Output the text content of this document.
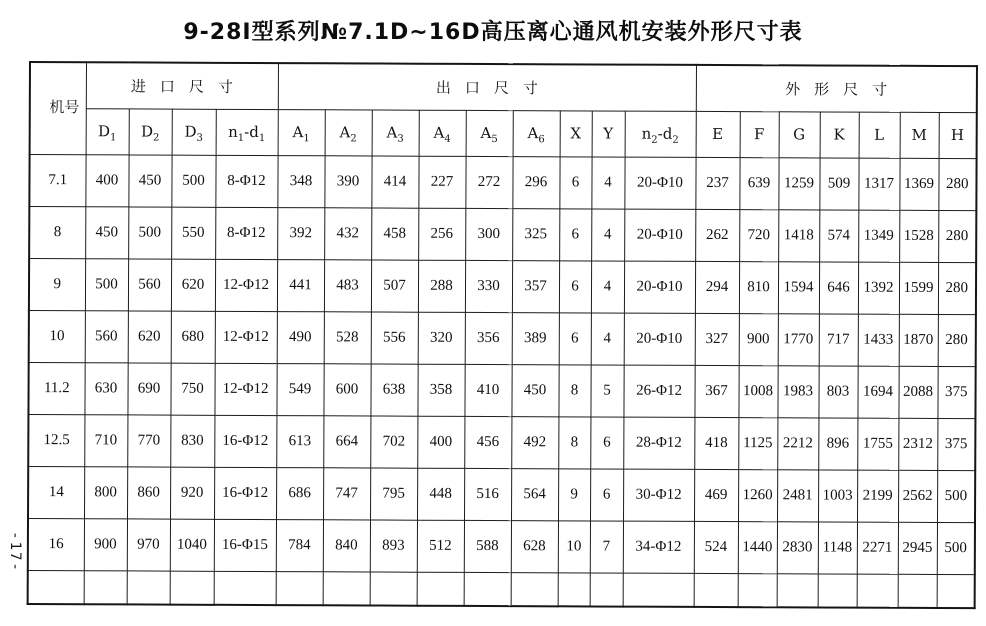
-17-
9-28Ⅰ型系列№7.1D~16D高压离心通风机安装外形尺寸表
机号	进口尺寸				出口尺寸									外形尺寸						
	$D_1$	$D_2$	$D_3$	$n_1-d_1$	$A_1$	$A_2$	$A_3$	$A_4$	$A_5$	$A_6$	X	Y	$n_2-d_2$	E	F	G	K	L	M	H
7.1	400	450	500	8-Φ12	348	390	414	227	272	296	6	4	20-Φ10	237	639	1259	509	1317	1369	280
8	450	500	550	8-Φ12	392	432	458	256	300	325	6	4	20-Φ10	262	720	1418	574	1349	1528	280
9	500	560	620	12-Φ12	441	483	507	288	330	357	6	4	20-Φ10	294	810	1594	646	1392	1599	280
10	560	620	680	12-Φ12	490	528	556	320	356	389	6	4	20-Φ10	327	900	1770	717	1433	1870	280
11.2	630	690	750	12-Φ12	549	600	638	358	410	450	8	5	26-Φ12	367	1008	1983	803	1694	2088	375
12.5	710	770	830	16-Φ12	613	664	702	400	456	492	8	6	28-Φ12	418	1125	2212	896	1755	2312	375
14	800	860	920	16-Φ12	686	747	795	448	516	564	9	6	30-Φ12	469	1260	2481	1003	2199	2562	500
16	900	970	1040	16-Φ15	784	840	893	512	588	628	10	7	34-Φ12	524	1440	2830	1148	2271	2945	500
